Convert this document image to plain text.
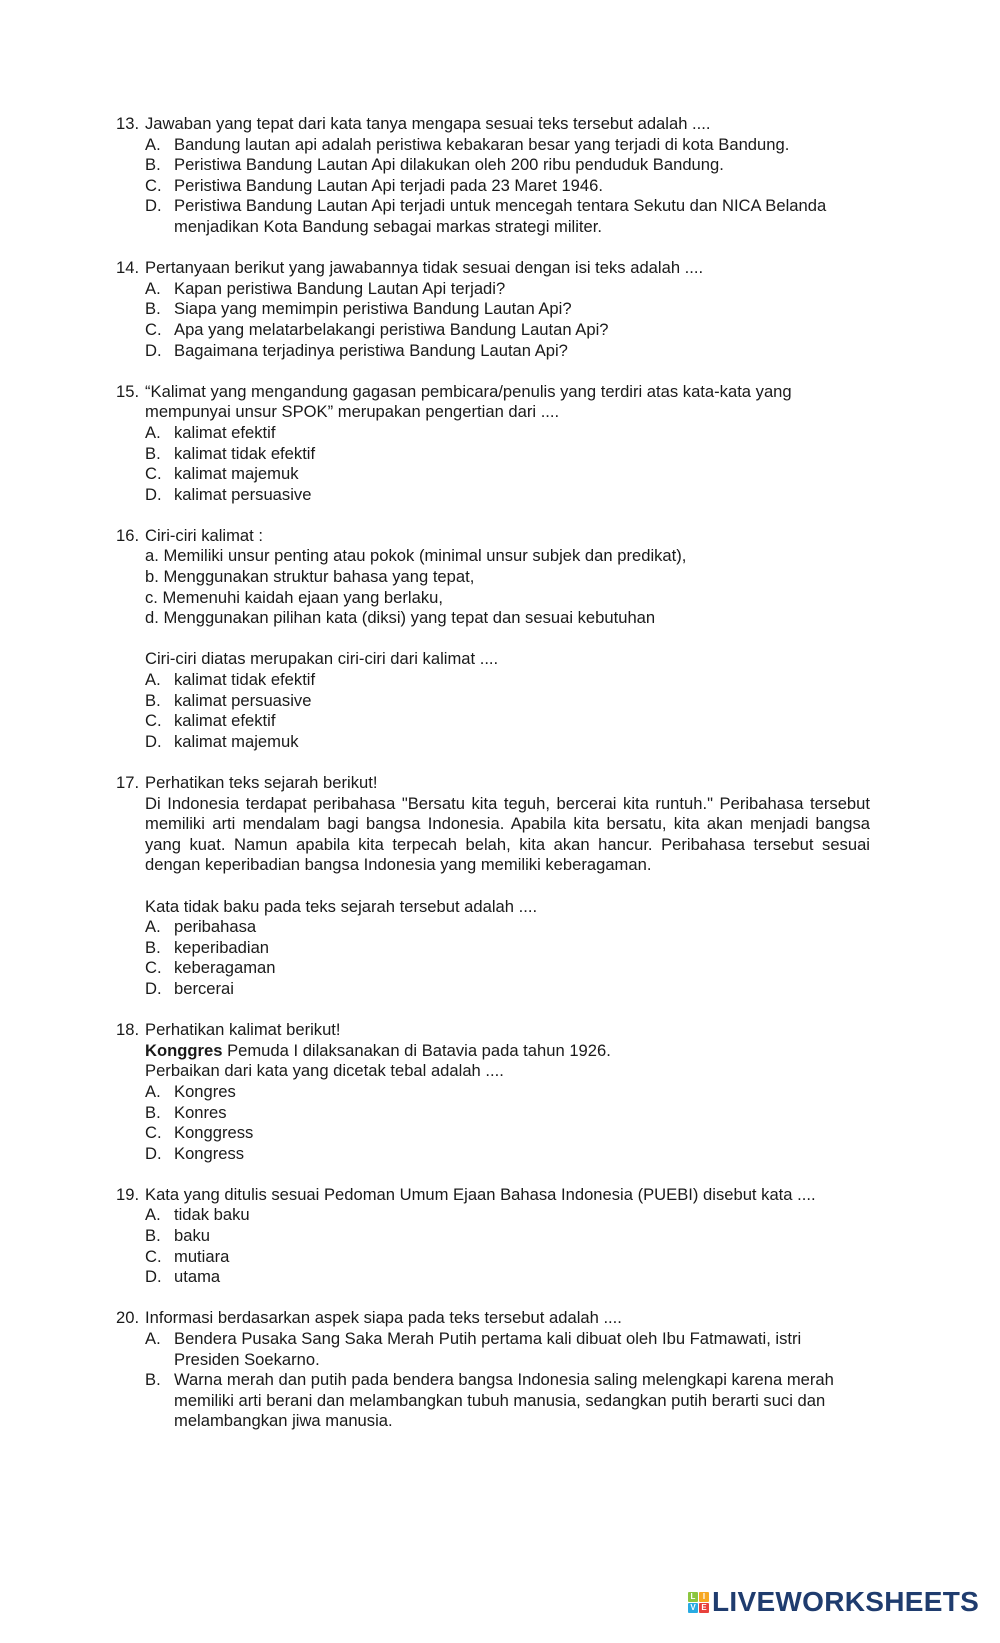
13. Jawaban yang tepat dari kata tanya mengapa sesuai teks tersebut adalah ....
A. Bandung lautan api adalah peristiwa kebakaran besar yang terjadi di kota Bandung.
B. Peristiwa Bandung Lautan Api dilakukan oleh 200 ribu penduduk Bandung.
C. Peristiwa Bandung Lautan Api terjadi pada 23 Maret 1946.
D. Peristiwa Bandung Lautan Api terjadi untuk mencegah tentara Sekutu dan NICA Belanda menjadikan Kota Bandung sebagai markas strategi militer.
14. Pertanyaan berikut yang jawabannya tidak sesuai dengan isi teks adalah ....
A. Kapan peristiwa Bandung Lautan Api terjadi?
B. Siapa yang memimpin peristiwa Bandung Lautan Api?
C. Apa yang melatarbelakangi peristiwa Bandung Lautan Api?
D. Bagaimana terjadinya peristiwa Bandung Lautan Api?
15. “Kalimat yang mengandung gagasan pembicara/penulis yang terdiri atas kata-kata yang mempunyai unsur SPOK” merupakan pengertian dari ....
A. kalimat efektif
B. kalimat tidak efektif
C. kalimat majemuk
D. kalimat persuasive
16. Ciri-ciri kalimat :
a. Memiliki unsur penting atau pokok (minimal unsur subjek dan predikat),
b. Menggunakan struktur bahasa yang tepat,
c. Memenuhi kaidah ejaan yang berlaku,
d. Menggunakan pilihan kata (diksi) yang tepat dan sesuai kebutuhan
Ciri-ciri diatas merupakan ciri-ciri dari kalimat ....
A. kalimat tidak efektif
B. kalimat persuasive
C. kalimat efektif
D. kalimat majemuk
17. Perhatikan teks sejarah berikut!
Di Indonesia terdapat peribahasa "Bersatu kita teguh, bercerai kita runtuh." Peribahasa tersebut memiliki arti mendalam bagi bangsa Indonesia. Apabila kita bersatu, kita akan menjadi bangsa yang kuat. Namun apabila kita terpecah belah, kita akan hancur. Peribahasa tersebut sesuai dengan keperibadian bangsa Indonesia yang memiliki keberagaman.
Kata tidak baku pada teks sejarah tersebut adalah ....
A. peribahasa
B. keperibadian
C. keberagaman
D. bercerai
18. Perhatikan kalimat berikut!
Konggres Pemuda I dilaksanakan di Batavia pada tahun 1926.
Perbaikan dari kata yang dicetak tebal adalah ....
A. Kongres
B. Konres
C. Konggress
D. Kongress
19. Kata yang ditulis sesuai Pedoman Umum Ejaan Bahasa Indonesia (PUEBI) disebut kata ....
A. tidak baku
B. baku
C. mutiara
D. utama
20. Informasi berdasarkan aspek siapa pada teks tersebut adalah ....
A. Bendera Pusaka Sang Saka Merah Putih pertama kali dibuat oleh Ibu Fatmawati, istri Presiden Soekarno.
B. Warna merah dan putih pada bendera bangsa Indonesia saling melengkapi karena merah memiliki arti berani dan melambangkan tubuh manusia, sedangkan putih berarti suci dan melambangkan jiwa manusia.
L I
V E LIVEWORKSHEETS
